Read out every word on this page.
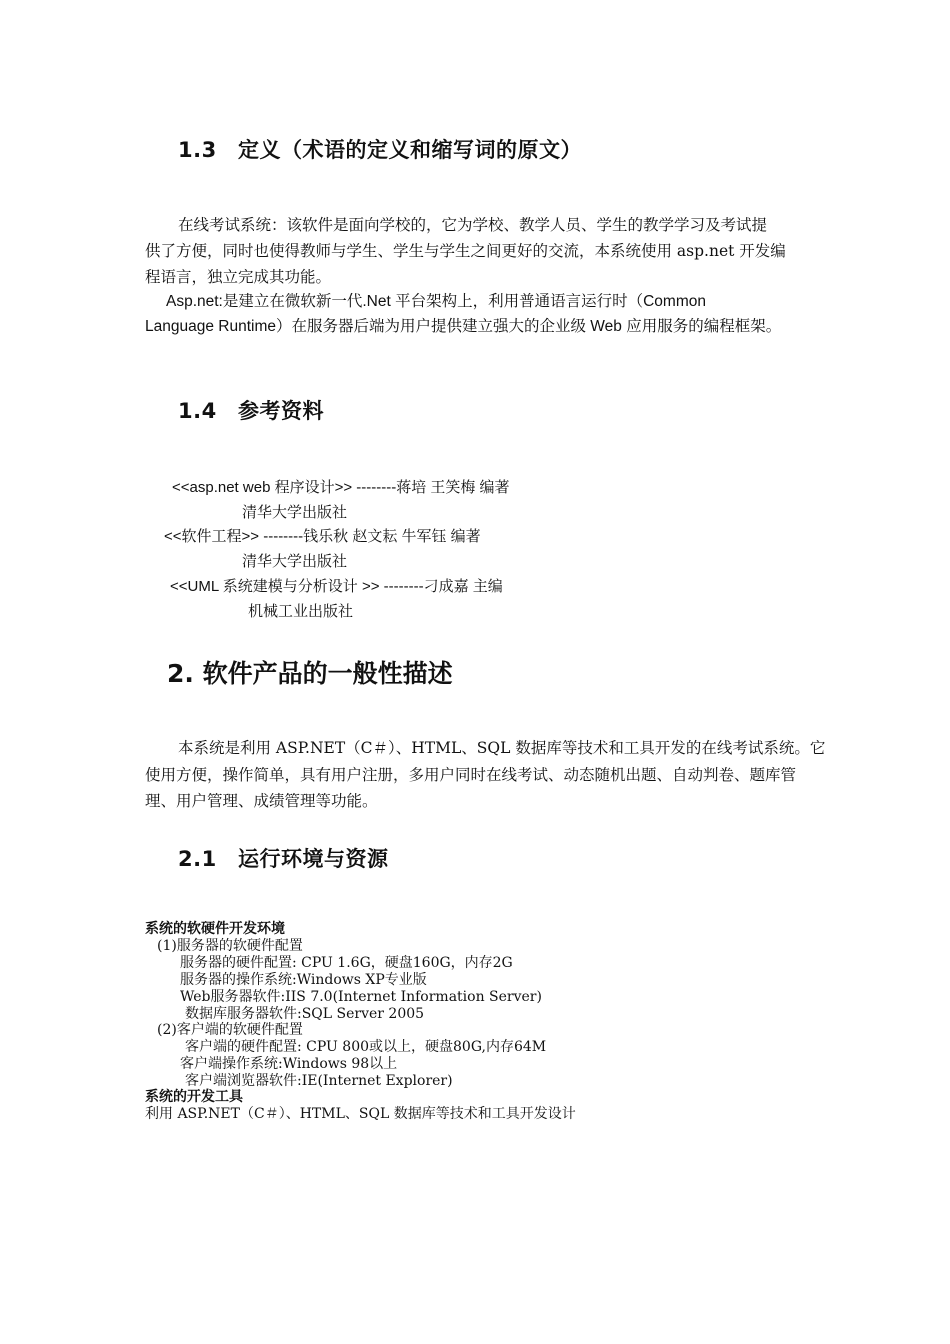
1.3 定义（术语的定义和缩写词的原文）
在线考试系统：该软件是面向学校的，它为学校、教学人员、学生的教学学习及考试提
供了方便，同时也使得教师与学生、学生与学生之间更好的交流，本系统使用 asp.net 开发编
程语言，独立完成其功能。
Asp.net:是建立在微软新一代.Net 平台架构上，利用普通语言运行时（Common
Language Runtime）在服务器后端为用户提供建立强大的企业级 Web 应用服务的编程框架。
1.4 参考资料
<<asp.net web 程序设计>> --------蒋培 王笑梅 编著
清华大学出版社
<<软件工程>> --------钱乐秋 赵文耘 牛军钰 编著
清华大学出版社
<<UML 系统建模与分析设计 >> --------刁成嘉 主编
机械工业出版社
2. 软件产品的一般性描述
本系统是利用 ASP.NET（C＃）、HTML、SQL 数据库等技术和工具开发的在线考试系统。它
使用方便，操作简单，具有用户注册，多用户同时在线考试、动态随机出题、自动判卷、题库管
理、用户管理、成绩管理等功能。
2.1 运行环境与资源
系统的软硬件开发环境
(1)服务器的软硬件配置
服务器的硬件配置: CPU 1.6G，硬盘160G，内存2G
服务器的操作系统:Windows XP专业版
Web服务器软件:IIS 7.0(Internet Information Server)
数据库服务器软件:SQL Server 2005
(2)客户端的软硬件配置
客户端的硬件配置: CPU 800或以上，硬盘80G,内存64M
客户端操作系统:Windows 98以上
客户端浏览器软件:IE(Internet Explorer)
系统的开发工具
利用 ASP.NET（C＃）、HTML、SQL 数据库等技术和工具开发设计
